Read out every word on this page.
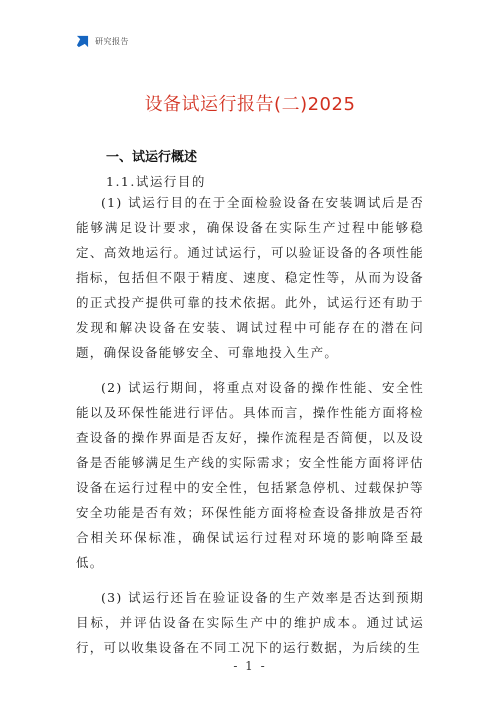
研究报告
设备试运行报告(二)2025
一、试运行概述
1.1.试运行目的

(1) 试运行目的在于全面检验设备在安装调试后是否能够满足设计要求，确保设备在实际生产过程中能够稳定、高效地运行。通过试运行，可以验证设备的各项性能指标，包括但不限于精度、速度、稳定性等，从而为设备的正式投产提供可靠的技术依据。此外，试运行还有助于发现和解决设备在安装、调试过程中可能存在的潜在问题，确保设备能够安全、可靠地投入生产。

(2) 试运行期间，将重点对设备的操作性能、安全性能以及环保性能进行评估。具体而言，操作性能方面将检查设备的操作界面是否友好，操作流程是否简便，以及设备是否能够满足生产线的实际需求；安全性能方面将评估设备在运行过程中的安全性，包括紧急停机、过载保护等安全功能是否有效；环保性能方面将检查设备排放是否符合相关环保标准，确保试运行过程对环境的影响降至最低。

(3) 试运行还旨在验证设备的生产效率是否达到预期目标，并评估设备在实际生产中的维护成本。通过试运行，可以收集设备在不同工况下的运行数据，为后续的生

- 1 -
